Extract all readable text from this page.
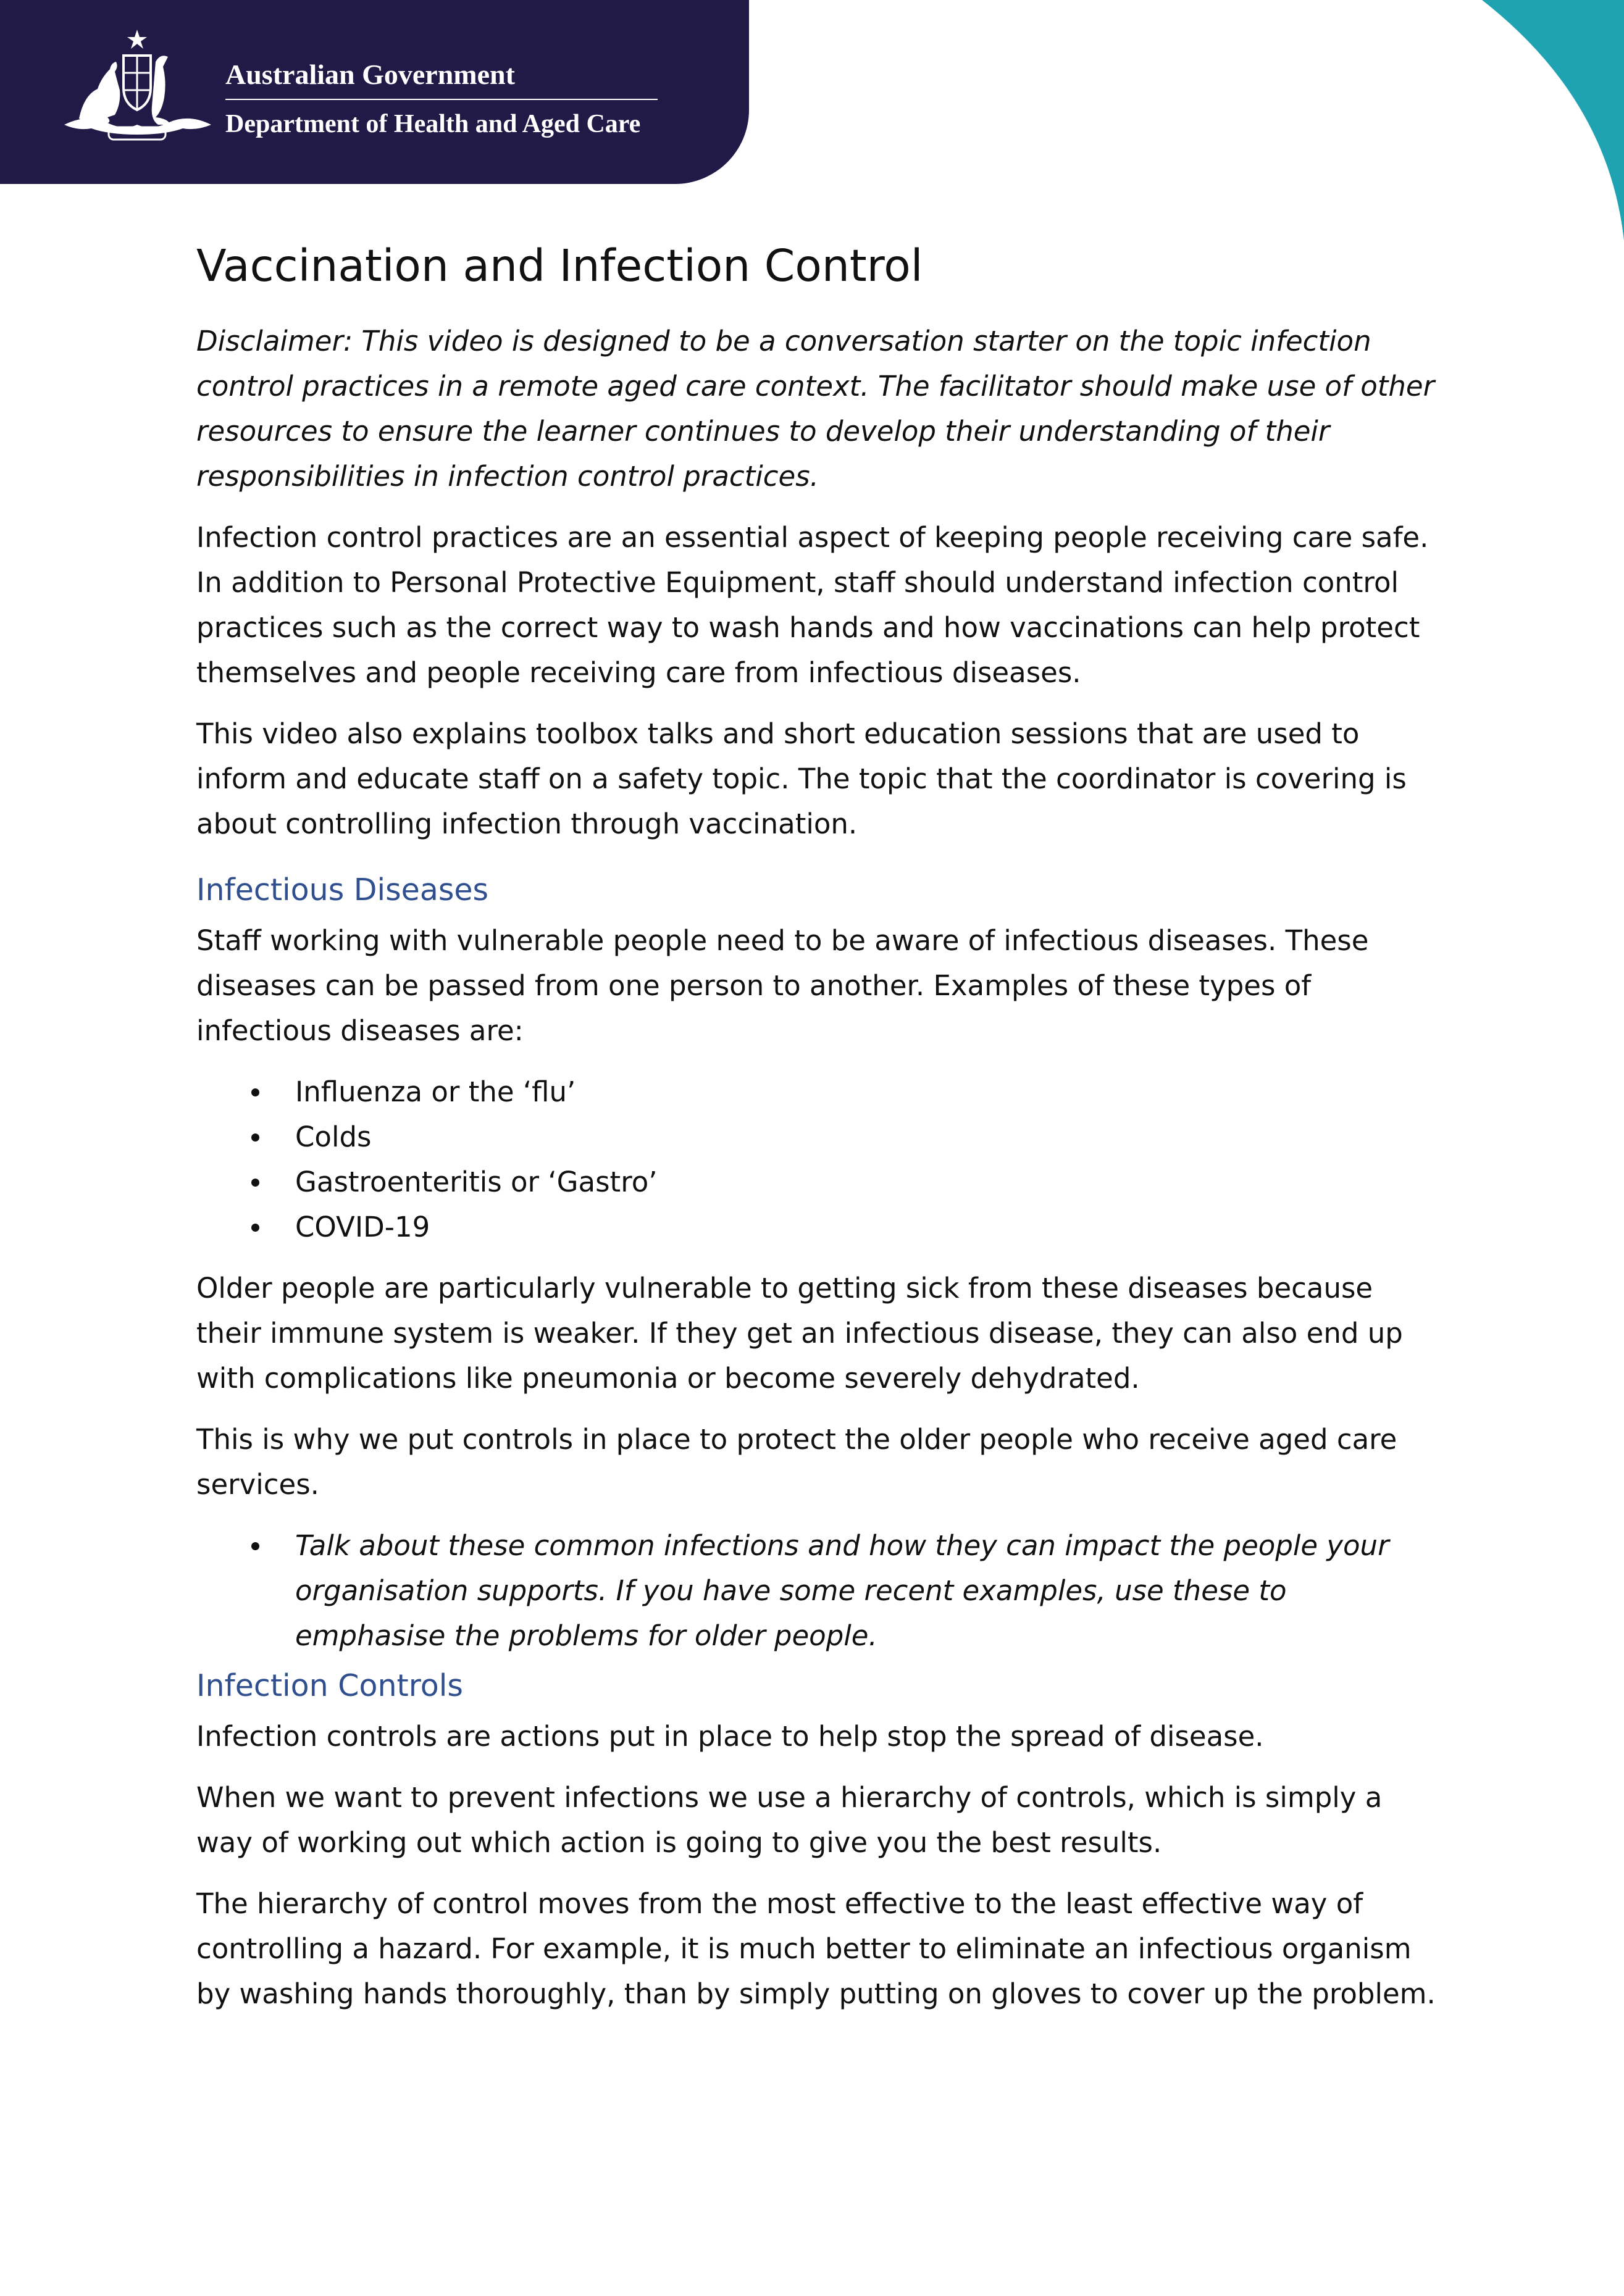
Australian Government
Department of Health and Aged Care
Vaccination and Infection Control

Disclaimer: This video is designed to be a conversation starter on the topic infection control practices in a remote aged care context. The facilitator should make use of other resources to ensure the learner continues to develop their understanding of their responsibilities in infection control practices.

Infection control practices are an essential aspect of keeping people receiving care safe. In addition to Personal Protective Equipment, staff should understand infection control practices such as the correct way to wash hands and how vaccinations can help protect themselves and people receiving care from infectious diseases.

This video also explains toolbox talks and short education sessions that are used to inform and educate staff on a safety topic. The topic that the coordinator is covering is about controlling infection through vaccination.

Infectious Diseases

Staff working with vulnerable people need to be aware of infectious diseases. These diseases can be passed from one person to another. Examples of these types of infectious diseases are:

Influenza or the ‘flu’
Colds
Gastroenteritis or ‘Gastro’
COVID-19

Older people are particularly vulnerable to getting sick from these diseases because their immune system is weaker. If they get an infectious disease, they can also end up with complications like pneumonia or become severely dehydrated.

This is why we put controls in place to protect the older people who receive aged care services.

Talk about these common infections and how they can impact the people your organisation supports. If you have some recent examples, use these to emphasise the problems for older people.
Infection Controls

Infection controls are actions put in place to help stop the spread of disease.

When we want to prevent infections we use a hierarchy of controls, which is simply a way of working out which action is going to give you the best results.

The hierarchy of control moves from the most effective to the least effective way of controlling a hazard. For example, it is much better to eliminate an infectious organism by washing hands thoroughly, than by simply putting on gloves to cover up the problem.
